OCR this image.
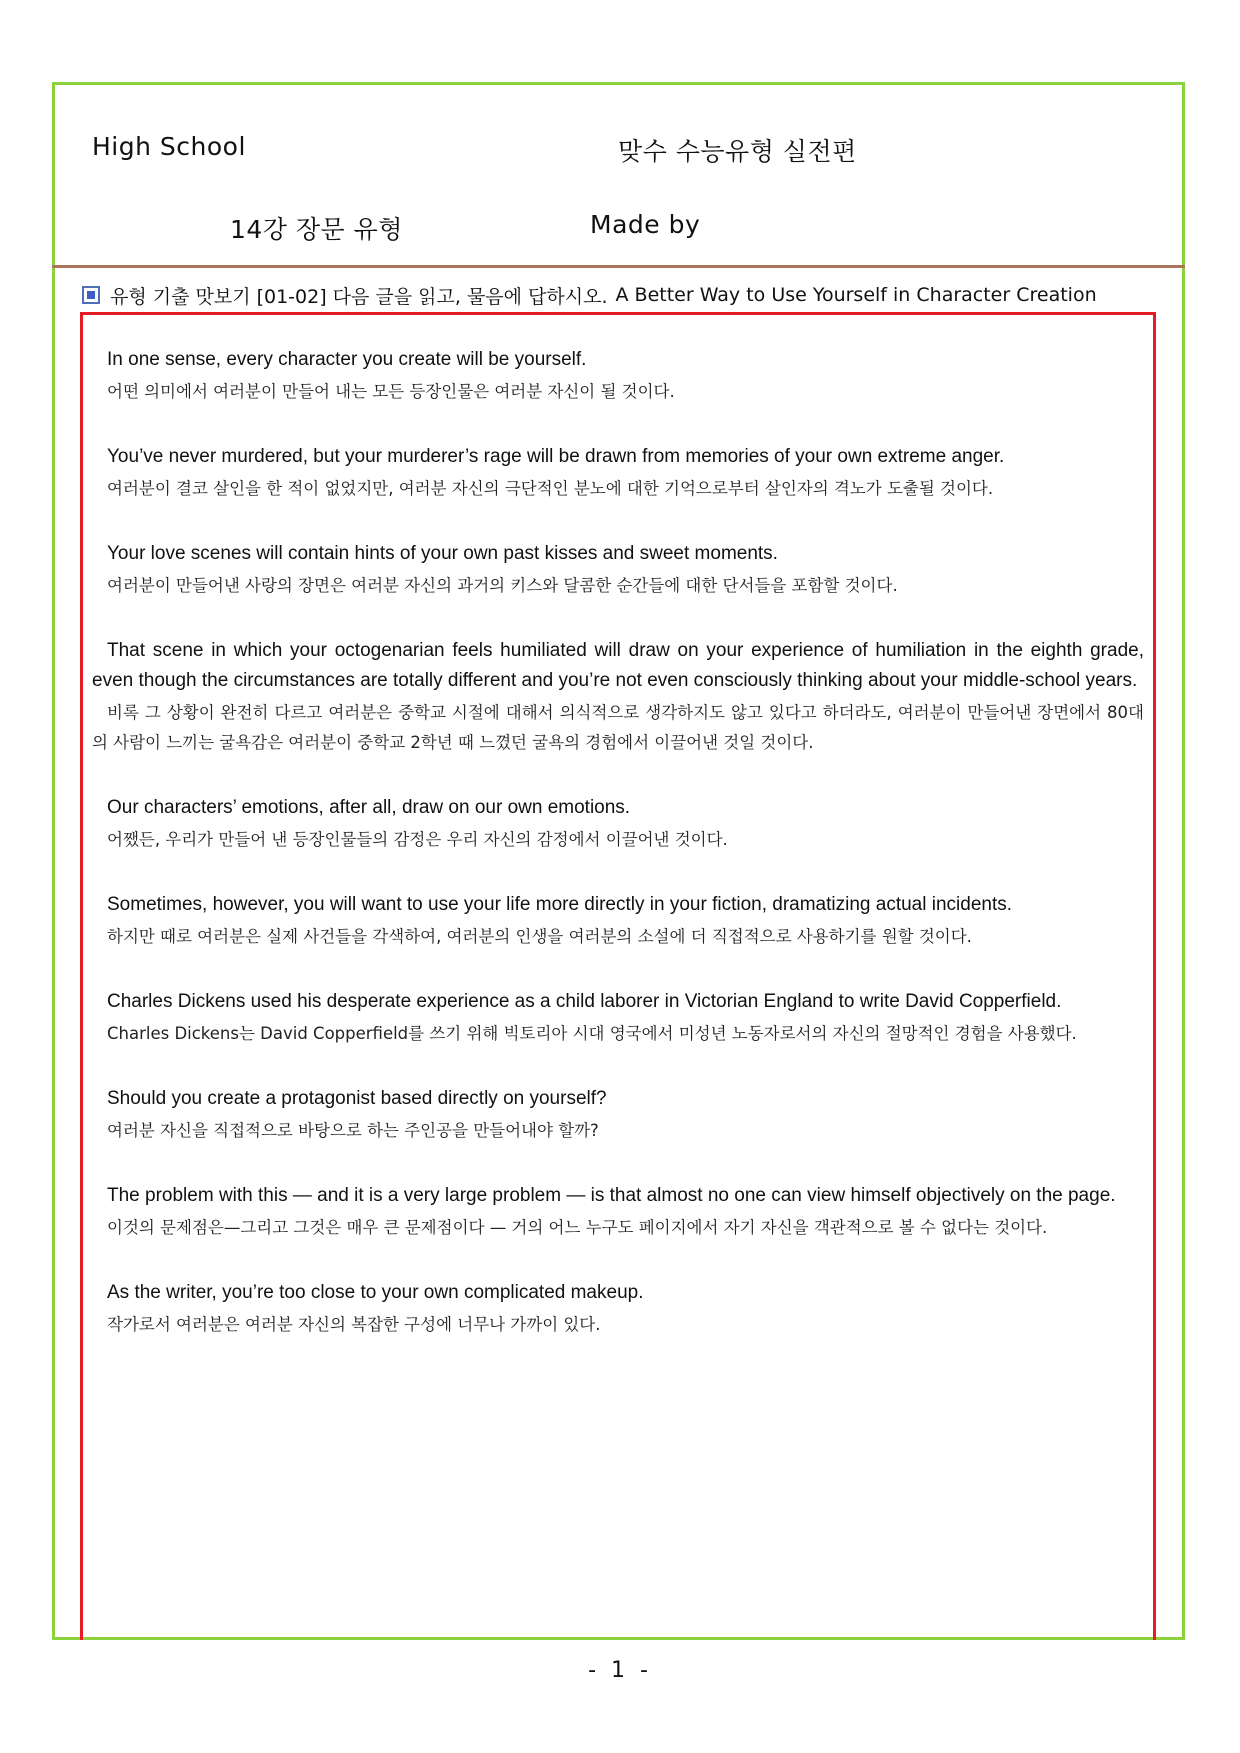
High School	맞수 수능유형 실전편
14강 장문 유형	Made by
유형 기출 맛보기 [01-02] 다음 글을 읽고, 물음에 답하시오. A Better Way to Use Yourself in Character Creation

In one sense, every character you create will be yourself.

어떤 의미에서 여러분이 만들어 내는 모든 등장인물은 여러분 자신이 될 것이다.

You’ve never murdered, but your murderer’s rage will be drawn from memories of your own extreme anger.

여러분이 결코 살인을 한 적이 없었지만, 여러분 자신의 극단적인 분노에 대한 기억으로부터 살인자의 격노가 도출될 것이다.

Your love scenes will contain hints of your own past kisses and sweet moments.

여러분이 만들어낸 사랑의 장면은 여러분 자신의 과거의 키스와 달콤한 순간들에 대한 단서들을 포함할 것이다.

That scene in which your octogenarian feels humiliated will draw on your experience of humiliation in the eighth grade, even though the circumstances are totally different and you’re not even consciously thinking about your middle-school years.

비록 그 상황이 완전히 다르고 여러분은 중학교 시절에 대해서 의식적으로 생각하지도 않고 있다고 하더라도, 여러분이 만들어낸 장면에서 80대의 사람이 느끼는 굴욕감은 여러분이 중학교 2학년 때 느꼈던 굴욕의 경험에서 이끌어낸 것일 것이다.

Our characters’ emotions, after all, draw on our own emotions.

어쨌든, 우리가 만들어 낸 등장인물들의 감정은 우리 자신의 감정에서 이끌어낸 것이다.

Sometimes, however, you will want to use your life more directly in your fiction, dramatizing actual incidents.

하지만 때로 여러분은 실제 사건들을 각색하여, 여러분의 인생을 여러분의 소설에 더 직접적으로 사용하기를 원할 것이다.

Charles Dickens used his desperate experience as a child laborer in Victorian England to write David Copperfield.

Charles Dickens는 David Copperfield를 쓰기 위해 빅토리아 시대 영국에서 미성년 노동자로서의 자신의 절망적인 경험을 사용했다.

Should you create a protagonist based directly on yourself?

여러분 자신을 직접적으로 바탕으로 하는 주인공을 만들어내야 할까?

The problem with this — and it is a very large problem — is that almost no one can view himself objectively on the page.

이것의 문제점은—그리고 그것은 매우 큰 문제점이다 — 거의 어느 누구도 페이지에서 자기 자신을 객관적으로 볼 수 없다는 것이다.

As the writer, you’re too close to your own complicated makeup.

작가로서 여러분은 여러분 자신의 복잡한 구성에 너무나 가까이 있다.

- 1 -
